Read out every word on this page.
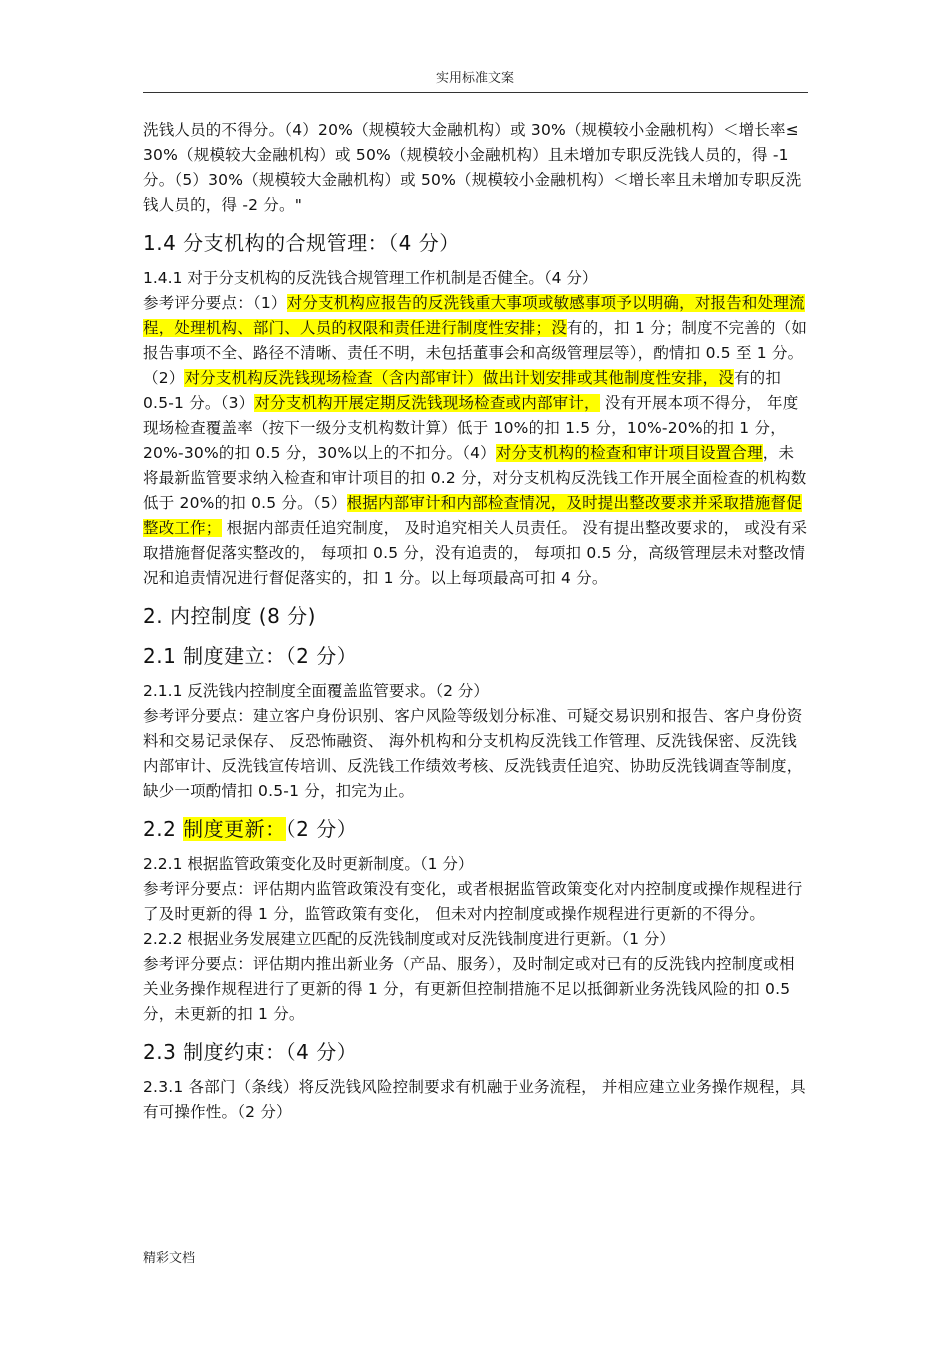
实用标准文案

洗钱人员的不得分。（4）20%（规模较大金融机构）或 30%（规模较小金融机构）＜增长率≤ 30%（规模较大金融机构）或 50%（规模较小金融机构）且未增加专职反洗钱人员的，得 -1 分。（5）30%（规模较大金融机构）或 50%（规模较小金融机构）＜增长率且未增加专职反洗钱人员的，得 -2 分。"

1.4 分支机构的合规管理：（4 分）

1.4.1 对于分支机构的反洗钱合规管理工作机制是否健全。（4 分）

参考评分要点：（1）对分支机构应报告的反洗钱重大事项或敏感事项予以明确，对报告和处理流程，处理机构、部门、人员的权限和责任进行制度性安排；没有的，扣 1 分；制度不完善的（如报告事项不全、路径不清晰、责任不明，未包括董事会和高级管理层等），酌情扣 0.5 至 1 分。（2）对分支机构反洗钱现场检查（含内部审计）做出计划安排或其他制度性安排，没有的扣 0.5-1 分。（3）对分支机构开展定期反洗钱现场检查或内部审计， 没有开展本项不得分， 年度现场检查覆盖率（按下一级分支机构数计算）低于 10%的扣 1.5 分，10%-20%的扣 1 分，20%-30%的扣 0.5 分，30%以上的不扣分。（4）对分支机构的检查和审计项目设置合理，未将最新监管要求纳入检查和审计项目的扣 0.2 分，对分支机构反洗钱工作开展全面检查的机构数低于 20%的扣 0.5 分。（5）根据内部审计和内部检查情况，及时提出整改要求并采取措施督促整改工作； 根据内部责任追究制度， 及时追究相关人员责任。 没有提出整改要求的， 或没有采取措施督促落实整改的， 每项扣 0.5 分，没有追责的， 每项扣 0.5 分，高级管理层未对整改情况和追责情况进行督促落实的，扣 1 分。以上每项最高可扣 4 分。

2. 内控制度 (8 分)
2.1 制度建立：（2 分）

2.1.1 反洗钱内控制度全面覆盖监管要求。（2 分）

参考评分要点：建立客户身份识别、客户风险等级划分标准、可疑交易识别和报告、客户身份资料和交易记录保存、 反恐怖融资、 海外机构和分支机构反洗钱工作管理、反洗钱保密、反洗钱内部审计、反洗钱宣传培训、反洗钱工作绩效考核、反洗钱责任追究、协助反洗钱调查等制度， 缺少一项酌情扣 0.5-1 分，扣完为止。

2.2 制度更新：（2 分）

2.2.1 根据监管政策变化及时更新制度。（1 分）

参考评分要点：评估期内监管政策没有变化，或者根据监管政策变化对内控制度或操作规程进行了及时更新的得 1 分，监管政策有变化， 但未对内控制度或操作规程进行更新的不得分。

2.2.2 根据业务发展建立匹配的反洗钱制度或对反洗钱制度进行更新。（1 分）

参考评分要点：评估期内推出新业务（产品、服务），及时制定或对已有的反洗钱内控制度或相关业务操作规程进行了更新的得 1 分，有更新但控制措施不足以抵御新业务洗钱风险的扣 0.5 分，未更新的扣 1 分。

2.3 制度约束：（4 分）

2.3.1 各部门（条线）将反洗钱风险控制要求有机融于业务流程， 并相应建立业务操作规程，具有可操作性。（2 分）

精彩文档
